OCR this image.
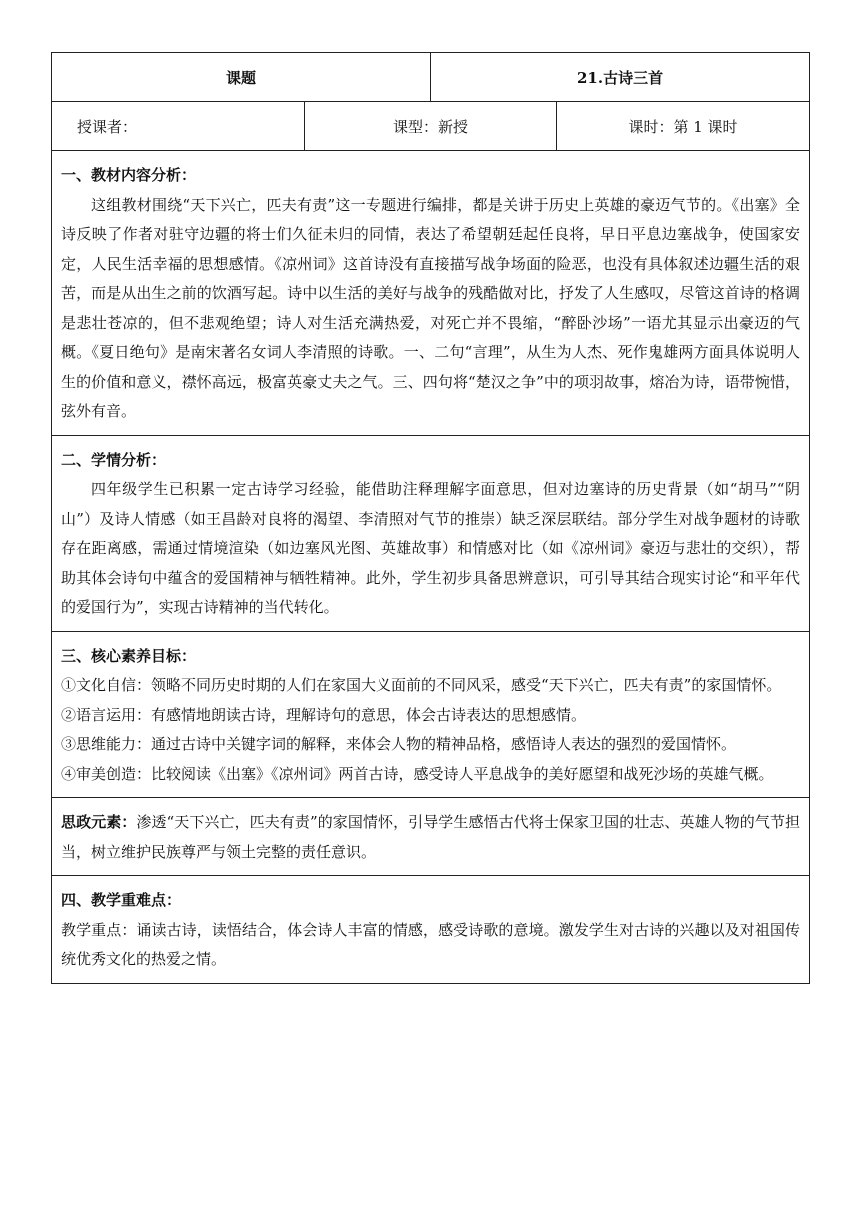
课题		21.古诗三首	
授课者：	课型：新授		课时：第 1 课时

一、教材内容分析：

这组教材围绕“天下兴亡，匹夫有责”这一专题进行编排，都是关讲于历史上英雄的豪迈气节的。《出塞》全诗反映了作者对驻守边疆的将士们久征未归的同情，表达了希望朝廷起任良将，早日平息边塞战争，使国家安定，人民生活幸福的思想感情。《凉州词》这首诗没有直接描写战争场面的险恶，也没有具体叙述边疆生活的艰苦，而是从出生之前的饮酒写起。诗中以生活的美好与战争的残酷做对比，抒发了人生感叹，尽管这首诗的格调是悲壮苍凉的，但不悲观绝望；诗人对生活充满热爱，对死亡并不畏缩，“醉卧沙场”一语尤其显示出豪迈的气概。《夏日绝句》是南宋著名女词人李清照的诗歌。一、二句“言理”，从生为人杰、死作鬼雄两方面具体说明人生的价值和意义，襟怀高远，极富英豪丈夫之气。三、四句将“楚汉之争”中的项羽故事，熔冶为诗，语带惋惜，弦外有音。			

二、学情分析：

四年级学生已积累一定古诗学习经验，能借助注释理解字面意思，但对边塞诗的历史背景（如“胡马”“阴山”）及诗人情感（如王昌龄对良将的渴望、李清照对气节的推崇）缺乏深层联结。部分学生对战争题材的诗歌存在距离感，需通过情境渲染（如边塞风光图、英雄故事）和情感对比（如《凉州词》豪迈与悲壮的交织），帮助其体会诗句中蕴含的爱国精神与牺牲精神。此外，学生初步具备思辨意识，可引导其结合现实讨论“和平年代的爱国行为”，实现古诗精神的当代转化。			

三、核心素养目标：

①文化自信：领略不同历史时期的人们在家国大义面前的不同风采，感受“天下兴亡，匹夫有责”的家国情怀。

②语言运用：有感情地朗读古诗，理解诗句的意思，体会古诗表达的思想感情。

③思维能力：通过古诗中关键字词的解释，来体会人物的精神品格，感悟诗人表达的强烈的爱国情怀。

④审美创造：比较阅读《出塞》《凉州词》两首古诗，感受诗人平息战争的美好愿望和战死沙场的英雄气概。			

思政元素：渗透“天下兴亡，匹夫有责”的家国情怀，引导学生感悟古代将士保家卫国的壮志、英雄人物的气节担当，树立维护民族尊严与领土完整的责任意识。			

四、教学重难点：

教学重点：诵读古诗，读悟结合，体会诗人丰富的情感，感受诗歌的意境。激发学生对古诗的兴趣以及对祖国传统优秀文化的热爱之情。			
